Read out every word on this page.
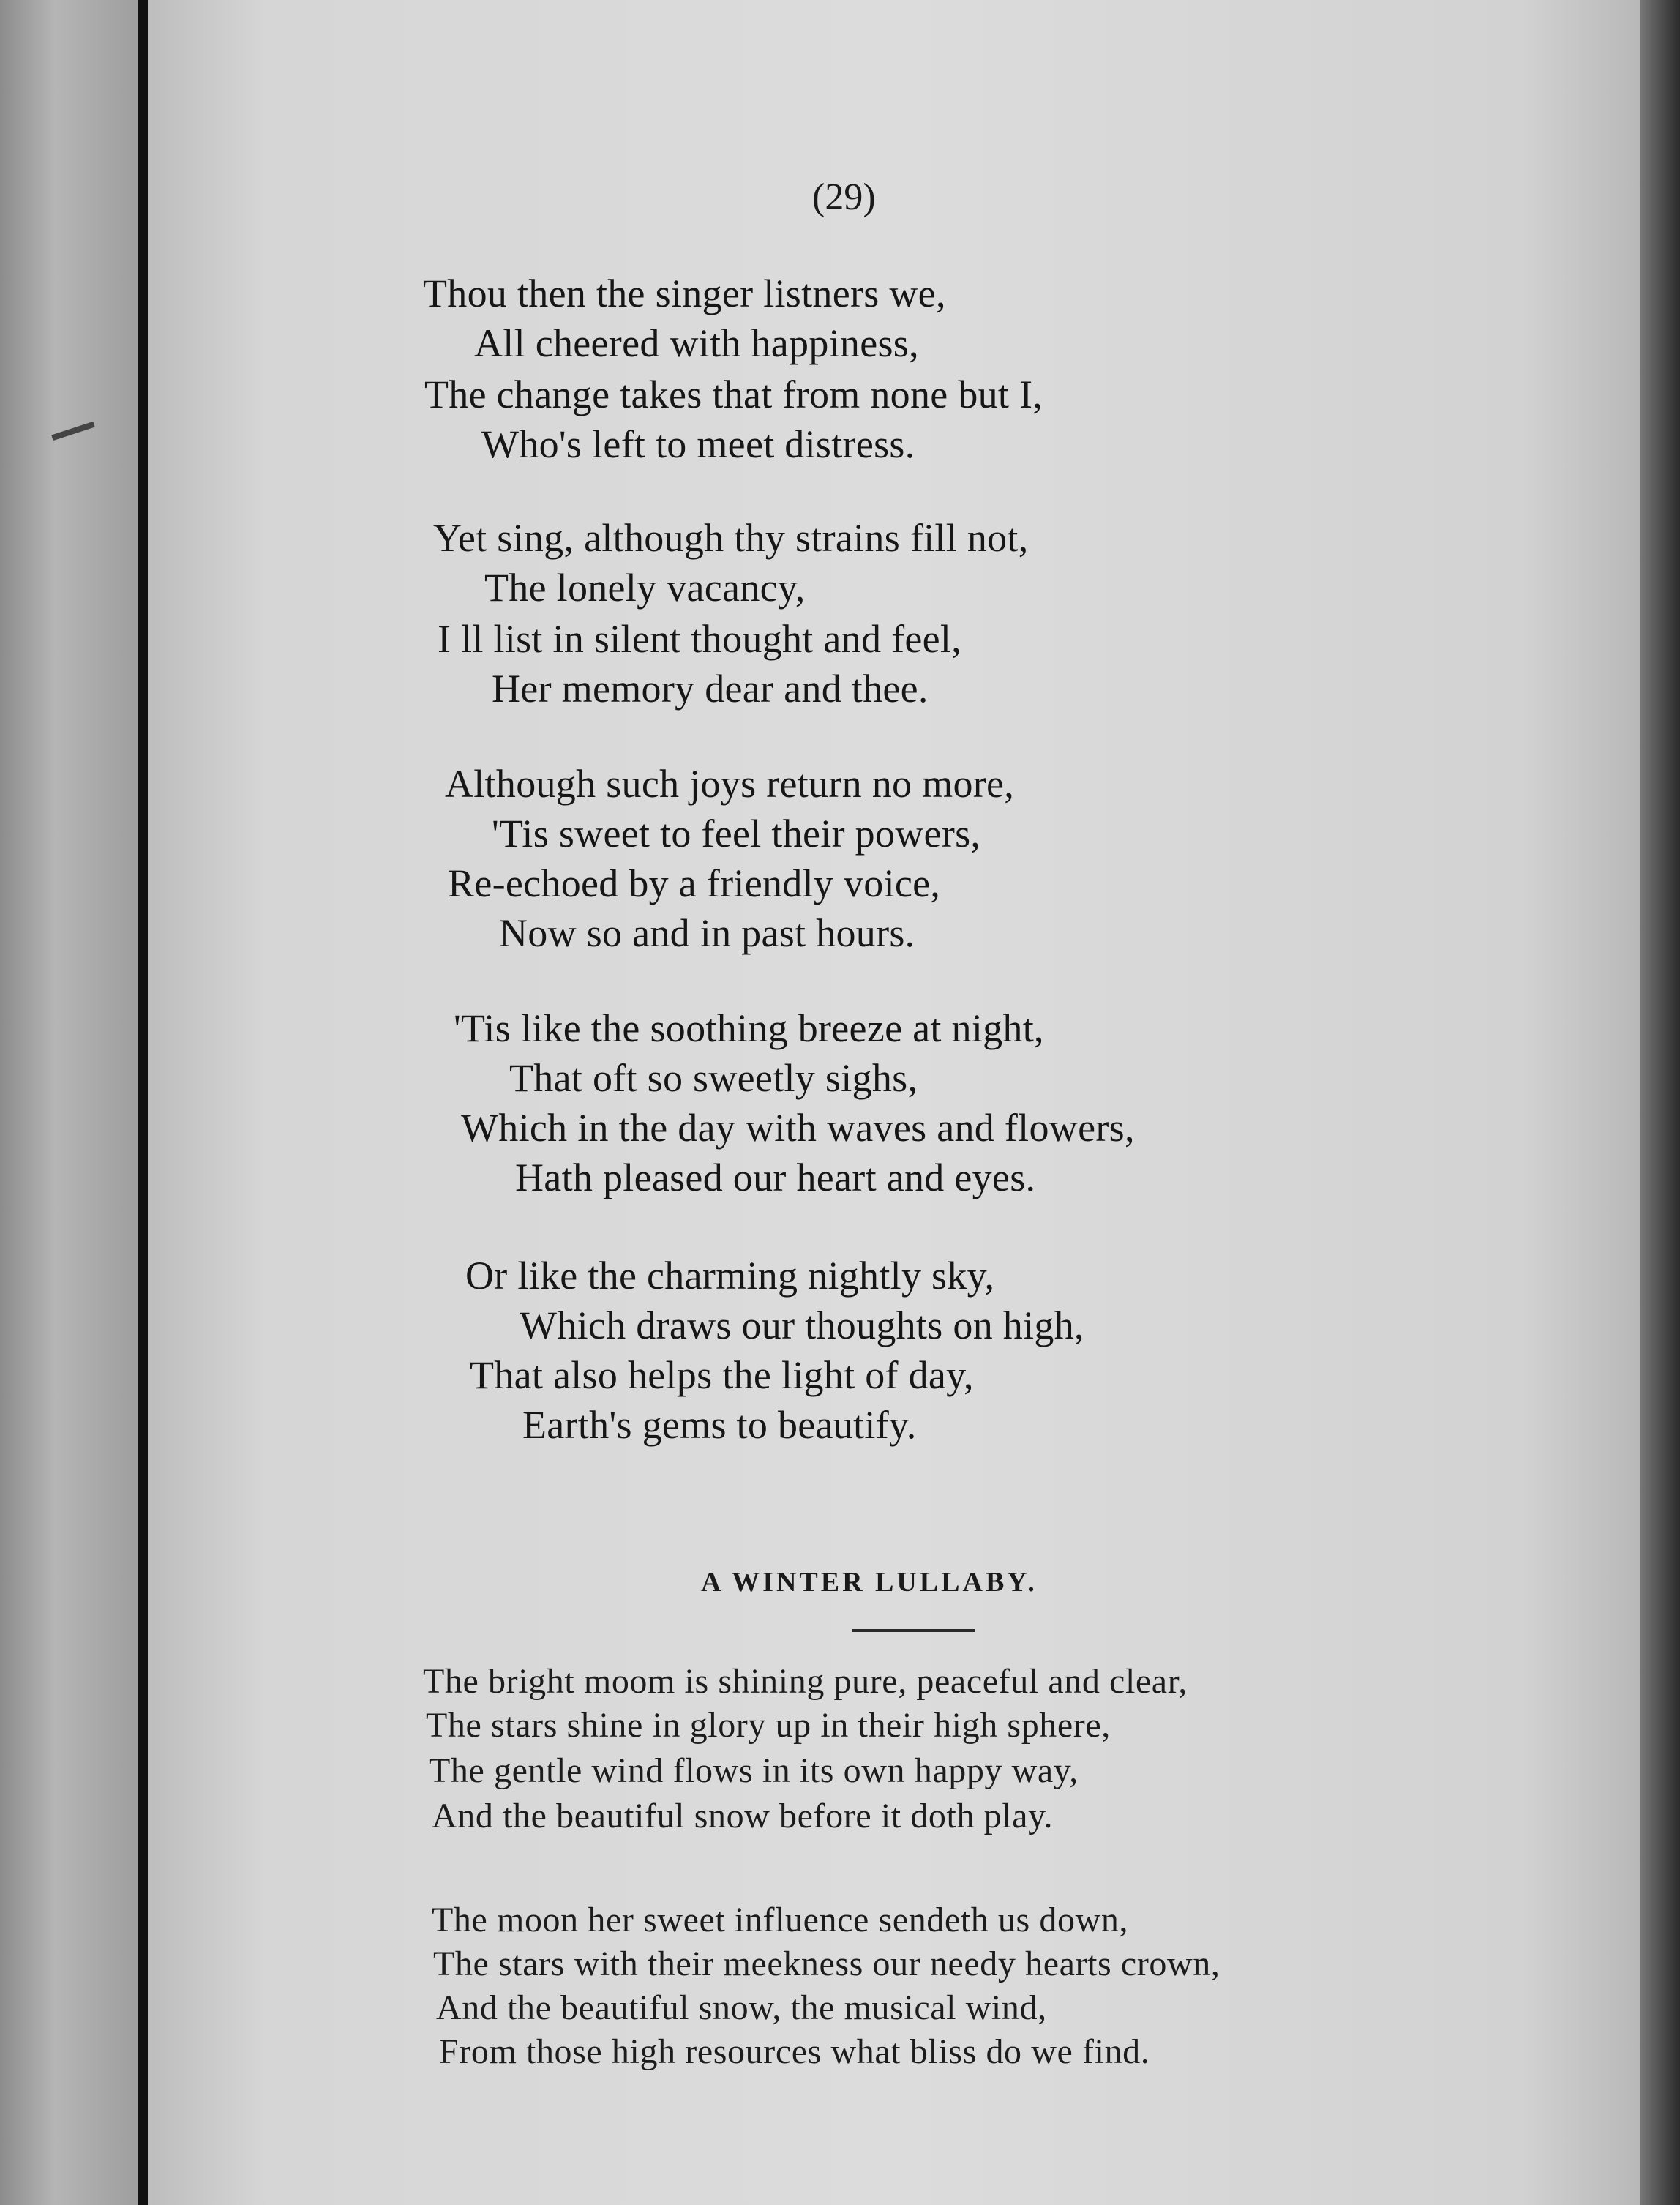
(29)
Thou then the singer listners we,
All cheered with happiness,
The change takes that from none but I,
Who's left to meet distress.
Yet sing, although thy strains fill not,
The lonely vacancy,
I ll list in silent thought and feel,
Her memory dear and thee.
Although such joys return no more,
'Tis sweet to feel their powers,
Re-echoed by a friendly voice,
Now so and in past hours.
'Tis like the soothing breeze at night,
That oft so sweetly sighs,
Which in the day with waves and flowers,
Hath pleased our heart and eyes.
Or like the charming nightly sky,
Which draws our thoughts on high,
That also helps the light of day,
Earth's gems to beautify.
A WINTER LULLABY.
The bright moom is shining pure, peaceful and clear,
The stars shine in glory up in their high sphere,
The gentle wind flows in its own happy way,
And the beautiful snow before it doth play.
The moon her sweet influence sendeth us down,
The stars with their meekness our needy hearts crown,
And the beautiful snow, the musical wind,
From those high resources what bliss do we find.
